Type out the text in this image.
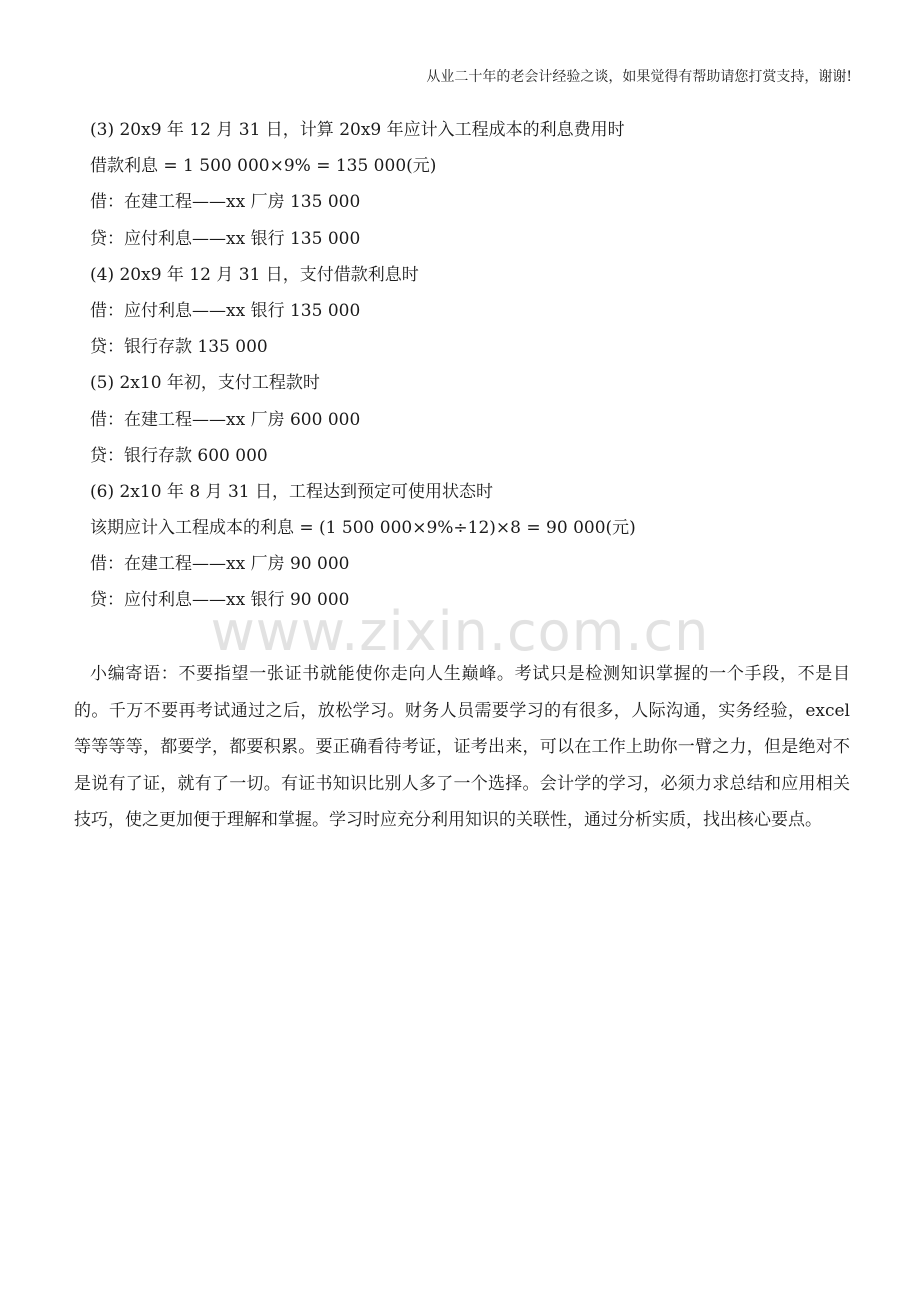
从业二十年的老会计经验之谈，如果觉得有帮助请您打赏支持，谢谢!
(3) 20x9 年 12 月 31 日，计算 20x9 年应计入工程成本的利息费用时
借款利息 = 1 500 000×9% = 135 000(元)
借：在建工程——xx 厂房 135 000
贷：应付利息——xx 银行 135 000
(4) 20x9 年 12 月 31 日，支付借款利息时
借：应付利息——xx 银行 135 000
贷：银行存款 135 000
(5) 2x10 年初，支付工程款时
借：在建工程——xx 厂房 600 000
贷：银行存款 600 000
(6) 2x10 年 8 月 31 日，工程达到预定可使用状态时
该期应计入工程成本的利息 = (1 500 000×9%÷12)×8 = 90 000(元)
借：在建工程——xx 厂房 90 000
贷：应付利息——xx 银行 90 000
www.zixin.com.cn

小编寄语：不要指望一张证书就能使你走向人生巅峰。考试只是检测知识掌握的一个手段，不是目的。千万不要再考试通过之后，放松学习。财务人员需要学习的有很多，人际沟通，实务经验，excel 等等等等，都要学，都要积累。要正确看待考证，证考出来，可以在工作上助你一臂之力，但是绝对不是说有了证，就有了一切。有证书知识比别人多了一个选择。会计学的学习，必须力求总结和应用相关技巧，使之更加便于理解和掌握。学习时应充分利用知识的关联性，通过分析实质，找出核心要点。
